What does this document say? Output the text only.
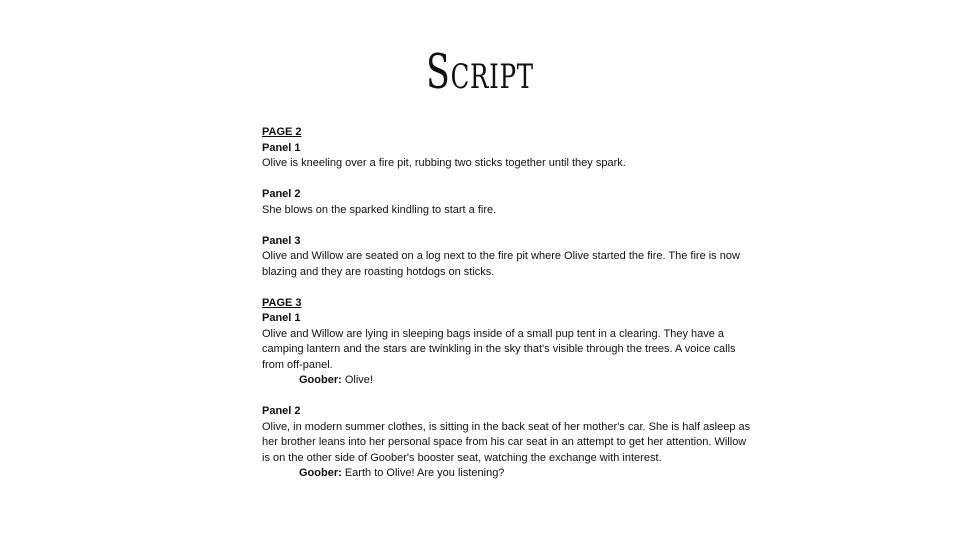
Script
PAGE 2
Panel 1
Olive is kneeling over a fire pit, rubbing two sticks together until they spark.
Panel 2
She blows on the sparked kindling to start a fire.
Panel 3
Olive and Willow are seated on a log next to the fire pit where Olive started the fire. The fire is now blazing and they are roasting hotdogs on sticks.
PAGE 3
Panel 1
Olive and Willow are lying in sleeping bags inside of a small pup tent in a clearing. They have a camping lantern and the stars are twinkling in the sky that's visible through the trees. A voice calls from off-panel.
Goober: Olive!
Panel 2
Olive, in modern summer clothes, is sitting in the back seat of her mother's car. She is half asleep as her brother leans into her personal space from his car seat in an attempt to get her attention. Willow is on the other side of Goober's booster seat, watching the exchange with interest.
Goober: Earth to Olive! Are you listening?
